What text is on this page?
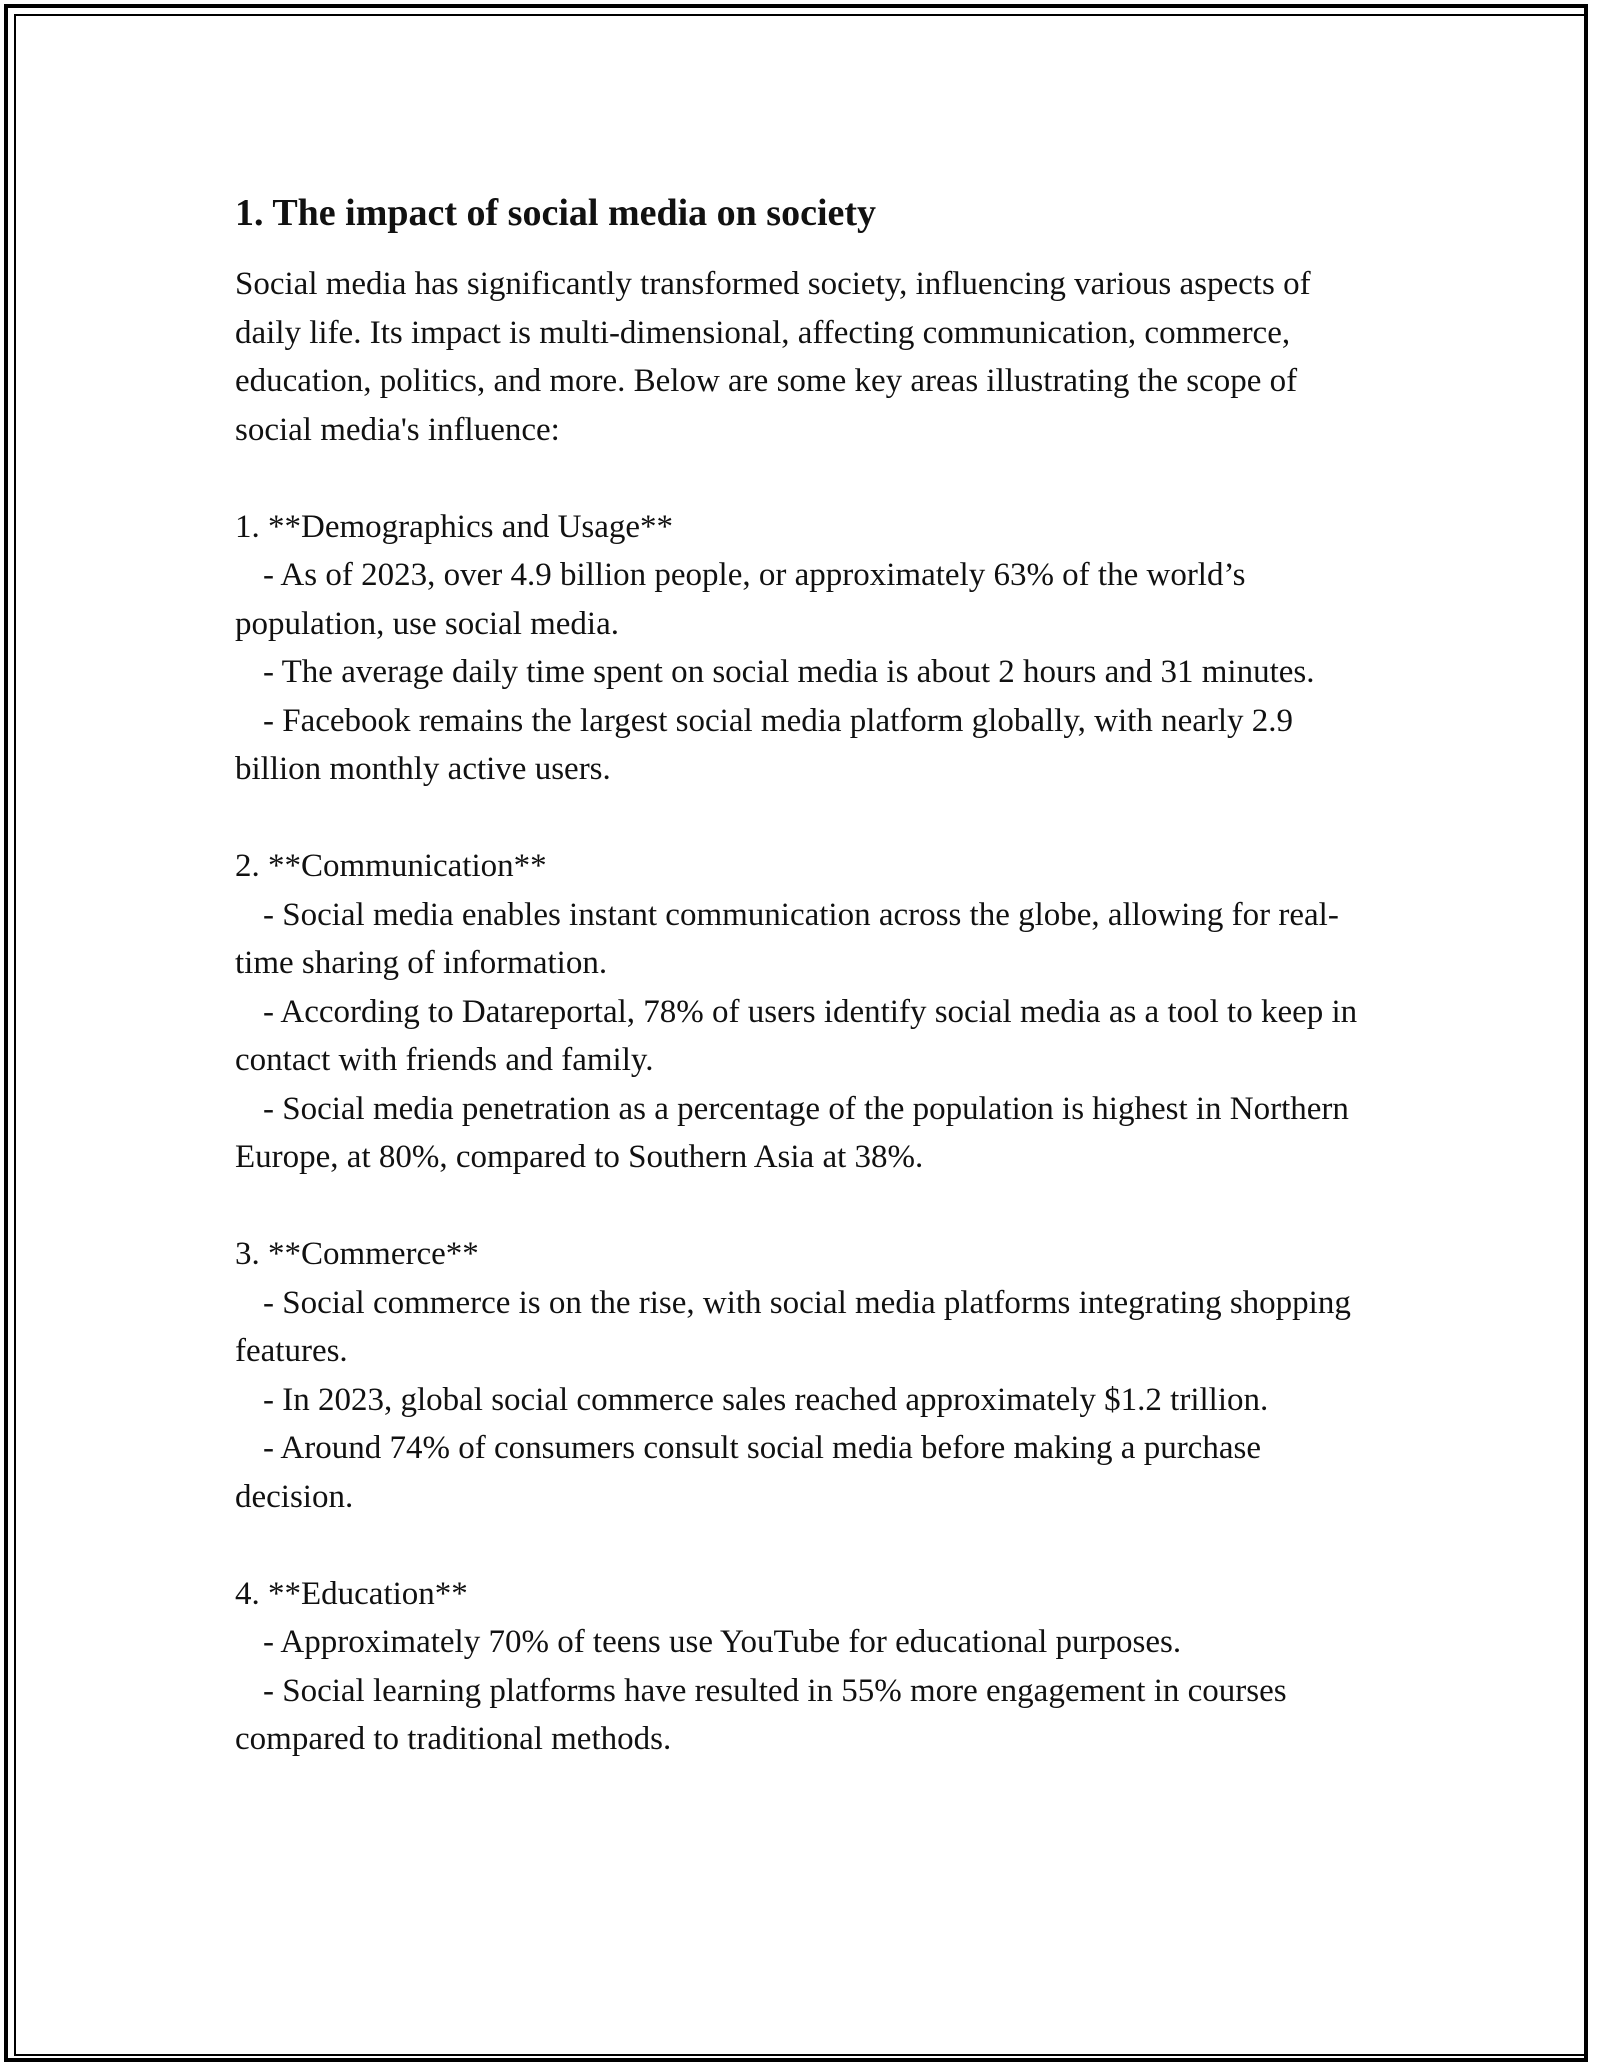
1. The impact of social media on society

Social media has significantly transformed society, influencing various aspects of daily life. Its impact is multi-dimensional, affecting communication, commerce, education, politics, and more. Below are some key areas illustrating the scope of social media's influence:

1. **Demographics and Usage**
- As of 2023, over 4.9 billion people, or approximately 63% of the world’s population, use social media.
- The average daily time spent on social media is about 2 hours and 31 minutes.
- Facebook remains the largest social media platform globally, with nearly 2.9 billion monthly active users.
2. **Communication**
- Social media enables instant communication across the globe, allowing for real-time sharing of information.
- According to Datareportal, 78% of users identify social media as a tool to keep in contact with friends and family.
- Social media penetration as a percentage of the population is highest in Northern Europe, at 80%, compared to Southern Asia at 38%.
3. **Commerce**
- Social commerce is on the rise, with social media platforms integrating shopping features.
- In 2023, global social commerce sales reached approximately $1.2 trillion.
- Around 74% of consumers consult social media before making a purchase decision.
4. **Education**
- Approximately 70% of teens use YouTube for educational purposes.
- Social learning platforms have resulted in 55% more engagement in courses compared to traditional methods.
